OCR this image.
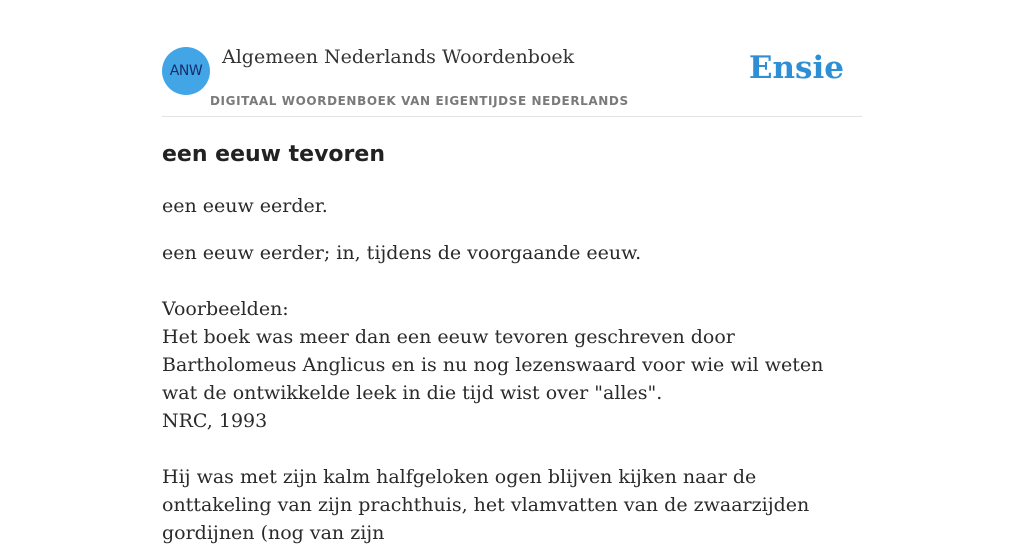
ANW
Algemeen Nederlands Woordenboek
DIGITAAL WOORDENBOEK VAN EIGENTIJDSE NEDERLANDS
Ensie
een eeuw tevoren

een eeuw eerder.

een eeuw eerder; in, tijdens de voorgaande eeuw.

Voorbeelden:

Het boek was meer dan een eeuw tevoren geschreven door Bartholomeus Anglicus en is nu nog lezenswaard voor wie wil weten wat de ontwikkelde leek in die tijd wist over "alles".

NRC, 1993

Hij was met zijn kalm halfgeloken ogen blijven kijken naar de onttakeling van zijn prachthuis, het vlamvatten van de zwaarzijden gordijnen (nog van zijn
